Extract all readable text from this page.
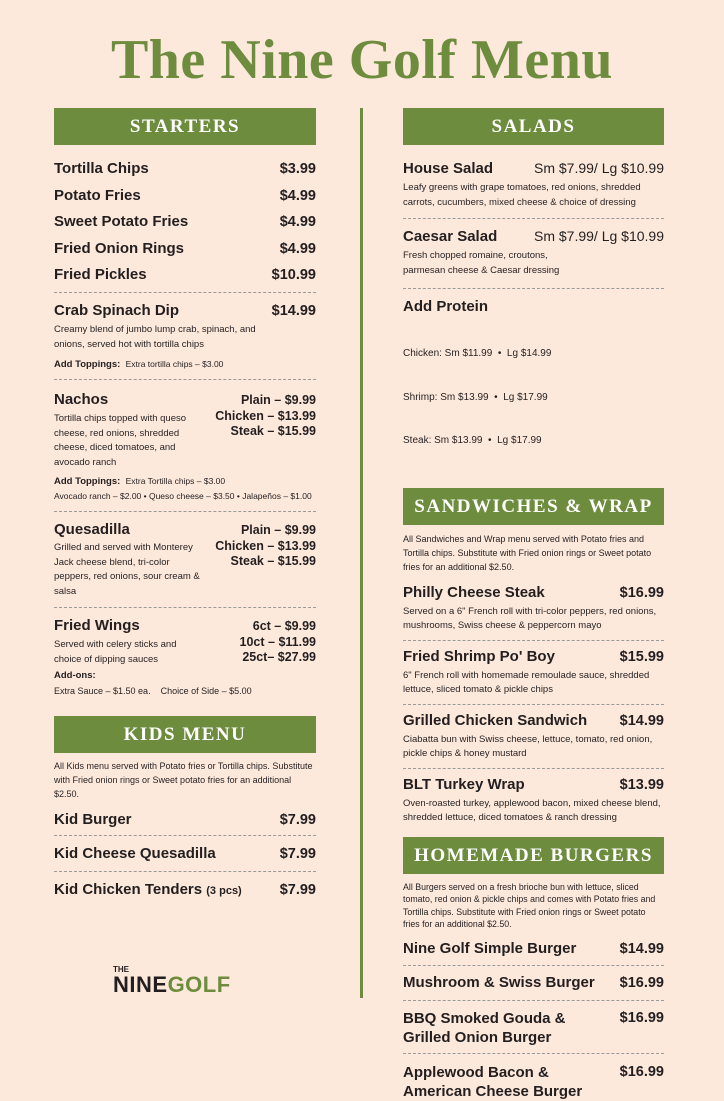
The Nine Golf Menu
STARTERS
Tortilla Chips	$3.99
Potato Fries	$4.99
Sweet Potato Fries	$4.99
Fried Onion Rings	$4.99
Fried Pickles	$10.99
Crab Spinach Dip	$14.99
Creamy blend of jumbo lump crab, spinach, and onions, served hot with tortilla chips
Add Toppings: Extra tortilla chips – $3.00
Nachos
Tortilla chips topped with queso cheese, red onions, shredded cheese, diced tomatoes, and avocado ranch
Plain – $9.99
Chicken – $13.99
Steak – $15.99
Add Toppings: Extra Tortilla chips – $3.00
Avocado ranch – $2.00 • Queso cheese – $3.50 • Jalapeños – $1.00
Quesadilla
Grilled and served with Monterey Jack cheese blend, tri-color peppers, red onions, sour cream & salsa
Plain – $9.99
Chicken – $13.99
Steak – $15.99
Fried Wings
Served with celery sticks and choice of dipping sauces
6ct – $9.99
10ct – $11.99
25ct– $27.99
Add-ons:
Extra Sauce – $1.50 ea.    Choice of Side – $5.00
KIDS MENU
All Kids menu served with Potato fries or Tortilla chips. Substitute with Fried onion rings or Sweet potato fries for an additional $2.50.
Kid Burger	$7.99
Kid Cheese Quesadilla	$7.99
Kid Chicken Tenders (3 pcs)	$7.99
SALADS
House Salad	Sm $7.99/ Lg $10.99
Leafy greens with grape tomatoes, red onions, shredded carrots, cucumbers, mixed cheese & choice of dressing
Caesar Salad	Sm $7.99/ Lg $10.99
Fresh chopped romaine, croutons, parmesan cheese & Caesar dressing
Add Protein

Chicken: Sm $11.99  •  Lg $14.99

Shrimp: Sm $13.99  •  Lg $17.99

Steak: Sm $13.99  •  Lg $17.99

SANDWICHES & WRAP
All Sandwiches and Wrap menu served with Potato fries and Tortilla chips. Substitute with Fried onion rings or Sweet potato fries for an additional $2.50.
Philly Cheese Steak	$16.99
Served on a 6" French roll with tri-color peppers, red onions, mushrooms, Swiss cheese & peppercorn mayo
Fried Shrimp Po' Boy	$15.99
6" French roll with homemade remoulade sauce, shredded lettuce, sliced tomato & pickle chips
Grilled Chicken Sandwich $14.99
Ciabatta bun with Swiss cheese, lettuce, tomato, red onion, pickle chips & honey mustard
BLT Turkey Wrap	$13.99
Oven-roasted turkey, applewood bacon, mixed cheese blend, shredded lettuce, diced tomatoes & ranch dressing
HOMEMADE BURGERS
All Burgers served on a fresh brioche bun with lettuce, sliced tomato, red onion & pickle chips and comes with Potato fries and Tortilla chips. Substitute with Fried onion rings or Sweet potato fries for an additional $2.50.
Nine Golf Simple Burger	$14.99
Mushroom & Swiss Burger $16.99
BBQ Smoked Gouda &
Grilled Onion Burger
$16.99
Applewood Bacon &
American Cheese Burger
$16.99
THE
NINEGOLF
